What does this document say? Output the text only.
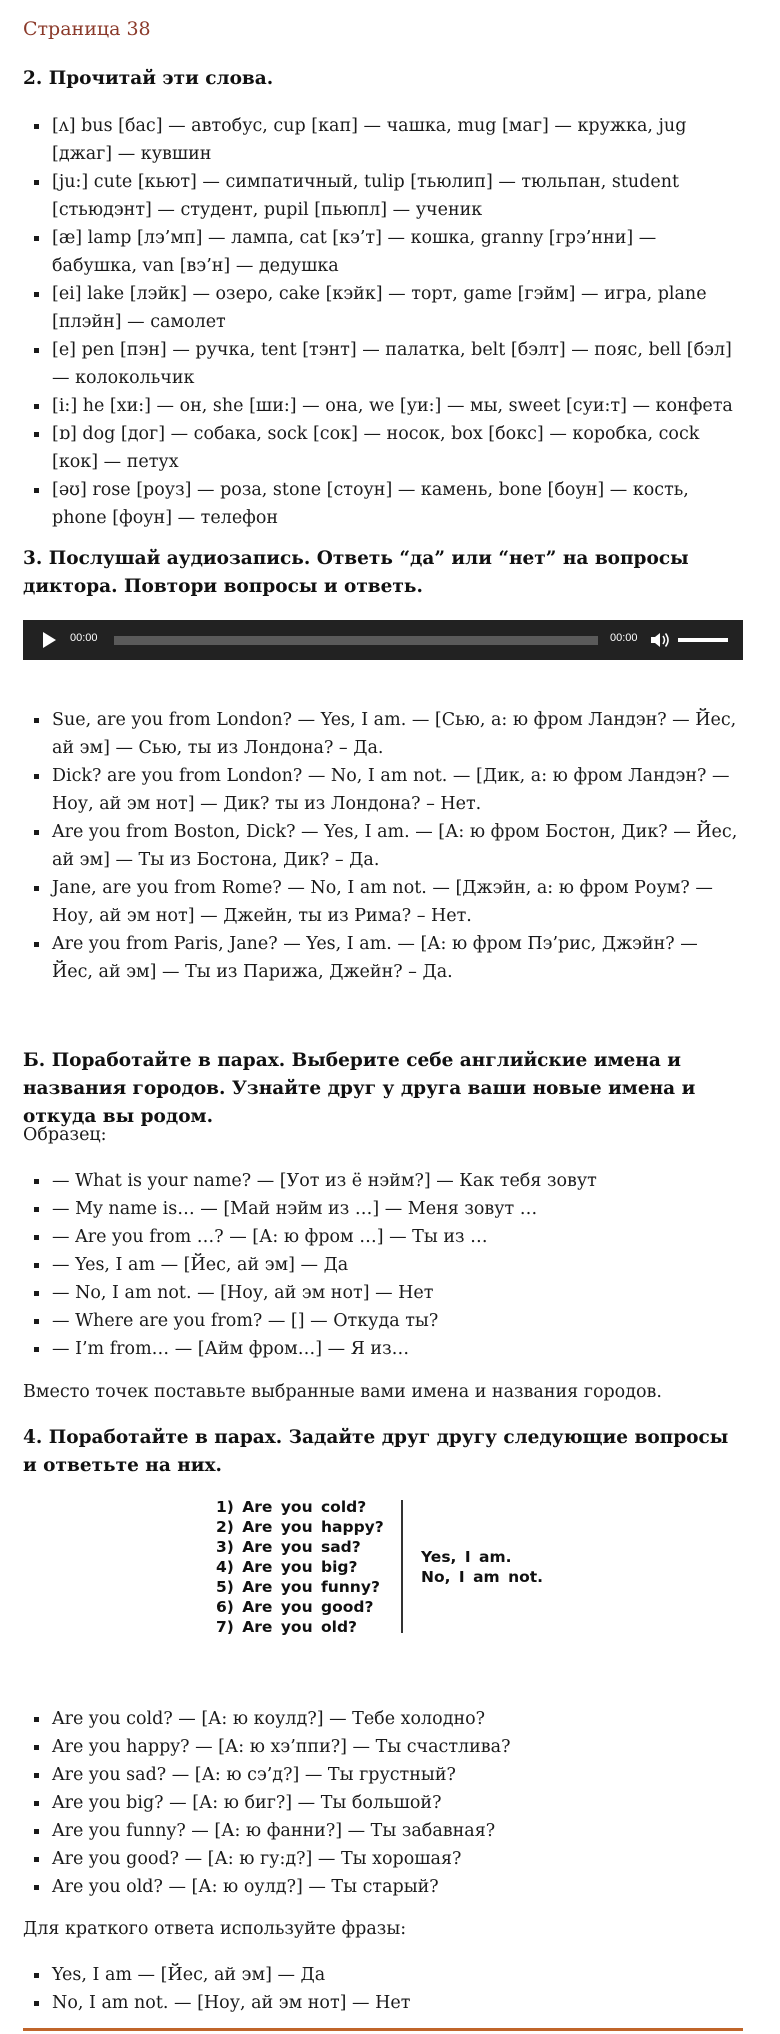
Страница 38
2. Прочитай эти слова.
[ʌ] bus [бас] — автобус, cup [кап] — чашка, mug [маг] — кружка, jug [джаг] — кувшин
[ju:] cute [кьют] — симпатичный, tulip [тьюлип] — тюльпан, student [стьюдэнт] — студент, pupil [пьюпл] — ученик
[æ] lamp [лэ’мп] — лампа, cat [кэ’т] — кошка, granny [грэ’нни] — бабушка, van [вэ’н] — дедушка
[ei] lake [лэйк] — озеро, cake [кэйк] — торт, game [гэйм] — игра, plane [плэйн] — самолет
[e] pen [пэн] — ручка, tent [тэнт] — палатка, belt [бэлт] — пояс, bell [бэл] — колокольчик
[i:] he [хи:] — он, she [ши:] — она, we [уи:] — мы, sweet [суи:т] — конфета
[ɒ] dog [дог] — собака, sock [сок] — носок, box [бокс] — коробка, cock [кок] — петух
[əʊ] rose [роуз] — роза, stone [стоун] — камень, bone [боун] — кость, phone [фоун] — телефон
3. Послушай аудиозапись. Ответь “да” или “нет” на вопросы диктора. Повтори вопросы и ответь.
00:00	00:00
Sue, are you from London? — Yes, I am. — [Сью, а: ю фром Ландэн? — Йес, ай эм] — Сью, ты из Лондона? – Да.
Dick? are you from London? — No, I am not. — [Дик, а: ю фром Ландэн? — Ноу, ай эм нот] — Дик? ты из Лондона? – Нет.
Are you from Boston, Dick? — Yes, I am. — [А: ю фром Бостон, Дик? — Йес, ай эм] — Ты из Бостона, Дик? – Да.
Jane, are you from Rome? — No, I am not. — [Джэйн, а: ю фром Роум? — Ноу, ай эм нот] — Джейн, ты из Рима? – Нет.
Are you from Paris, Jane? — Yes, I am. — [А: ю фром Пэ’рис, Джэйн? — Йес, ай эм] — Ты из Парижа, Джейн? – Да.
Б. Поработайте в парах. Выберите себе английские имена и названия городов. Узнайте друг у друга ваши новые имена и откуда вы родом.
Образец:
— What is your name? — [Уот из ё нэйм?] — Как тебя зовут
— My name is… — [Май нэйм из …] — Меня зовут …
— Are you from …? — [А: ю фром …] — Ты из …
— Yes, I am — [Йес, ай эм] — Да
— No, I am not. — [Ноу, ай эм нот] — Нет
— Where are you from? — [] — Откуда ты?
— I’m from… — [Айм фром…] — Я из…
Вместо точек поставьте выбранные вами имена и названия городов.
4. Поработайте в парах. Задайте друг другу следующие вопросы и ответьте на них.
1) Are you cold?
2) Are you happy?
3) Are you sad?
4) Are you big?
5) Are you funny?
6) Are you good?
7) Are you old?
Yes, I am.
No, I am not.
Are you cold? — [А: ю коулд?] — Тебе холодно?
Are you happy? — [А: ю хэ’ппи?] — Ты счастлива?
Are you sad? — [А: ю сэ’д?] — Ты грустный?
Are you big? — [А: ю биг?] — Ты большой?
Are you funny? — [А: ю фанни?] — Ты забавная?
Are you good? — [А: ю гу:д?] — Ты хорошая?
Are you old? — [А: ю оулд?] — Ты старый?
Для краткого ответа используйте фразы:
Yes, I am — [Йес, ай эм] — Да
No, I am not. — [Ноу, ай эм нот] — Нет
